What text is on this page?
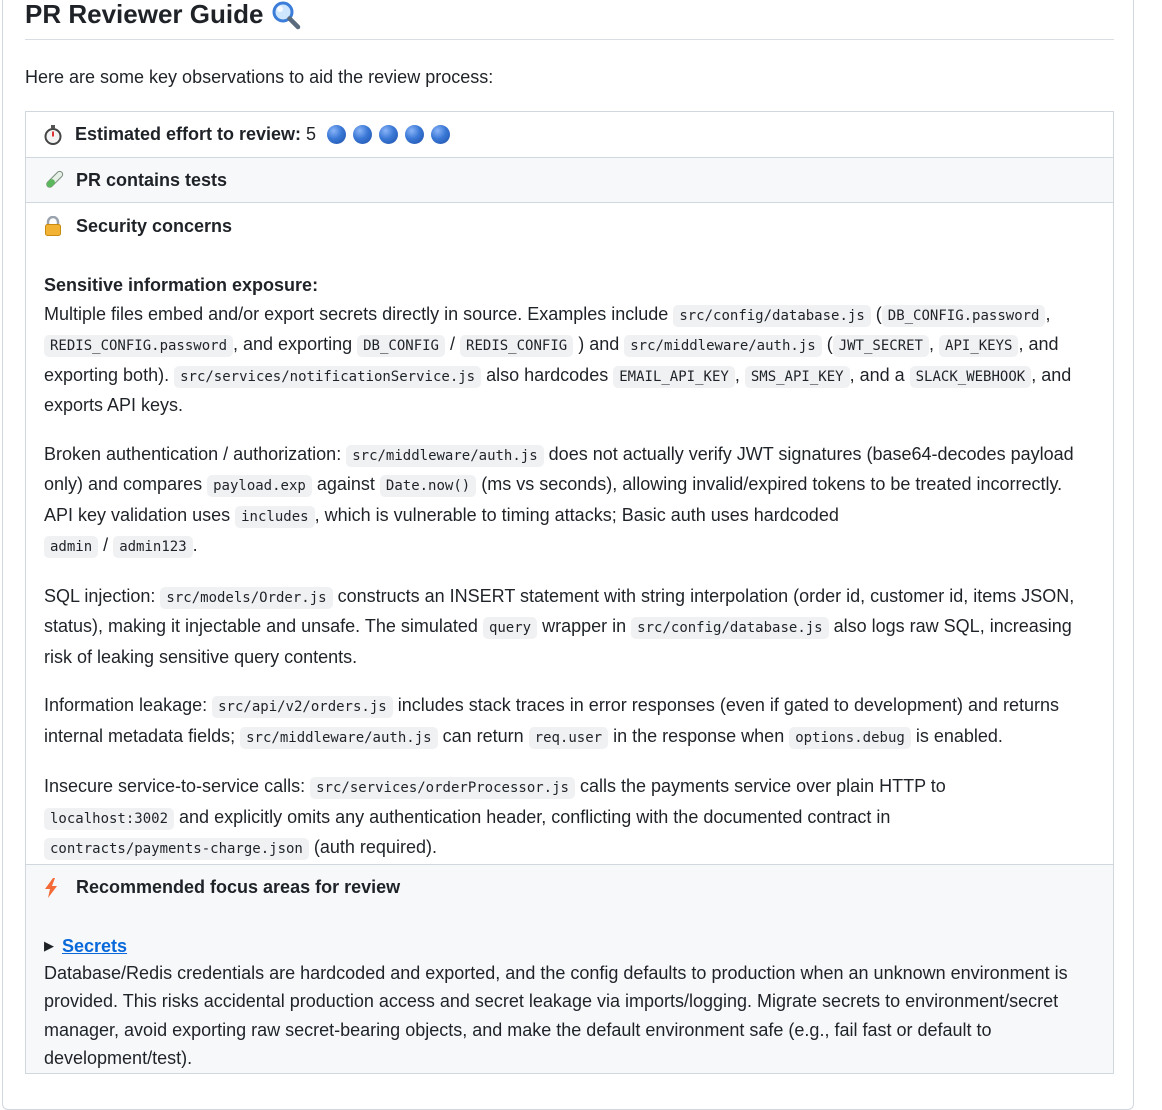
PR Reviewer Guide

Here are some key observations to aid the review process:

Estimated effort to review: 5

PR contains tests

Security concerns

Sensitive information exposure:
Multiple files embed and/or export secrets directly in source. Examples include src/config/database.js ( DB_CONFIG.password , REDIS_CONFIG.password , and exporting DB_CONFIG / REDIS_CONFIG ) and src/middleware/auth.js ( JWT_SECRET , API_KEYS , and exporting both). src/services/notificationService.js also hardcodes EMAIL_API_KEY , SMS_API_KEY , and a SLACK_WEBHOOK , and exports API keys.

Broken authentication / authorization: src/middleware/auth.js does not actually verify JWT signatures (base64-decodes payload only) and compares payload.exp against Date.now() (ms vs seconds), allowing invalid/expired tokens to be treated incorrectly. API key validation uses includes , which is vulnerable to timing attacks; Basic auth uses hardcoded
admin / admin123 .

SQL injection: src/models/Order.js constructs an INSERT statement with string interpolation (order id, customer id, items JSON, status), making it injectable and unsafe. The simulated query wrapper in src/config/database.js also logs raw SQL, increasing risk of leaking sensitive query contents.

Information leakage: src/api/v2/orders.js includes stack traces in error responses (even if gated to development) and returns internal metadata fields; src/middleware/auth.js can return req.user in the response when options.debug is enabled.

Insecure service-to-service calls: src/services/orderProcessor.js calls the payments service over plain HTTP to
localhost:3002 and explicitly omits any authentication header, conflicting with the documented contract in
contracts/payments-charge.json (auth required).

Recommended focus areas for review
▶ Secrets

Database/Redis credentials are hardcoded and exported, and the config defaults to production when an unknown environment is provided. This risks accidental production access and secret leakage via imports/logging. Migrate secrets to environment/secret manager, avoid exporting raw secret-bearing objects, and make the default environment safe (e.g., fail fast or default to development/test).
